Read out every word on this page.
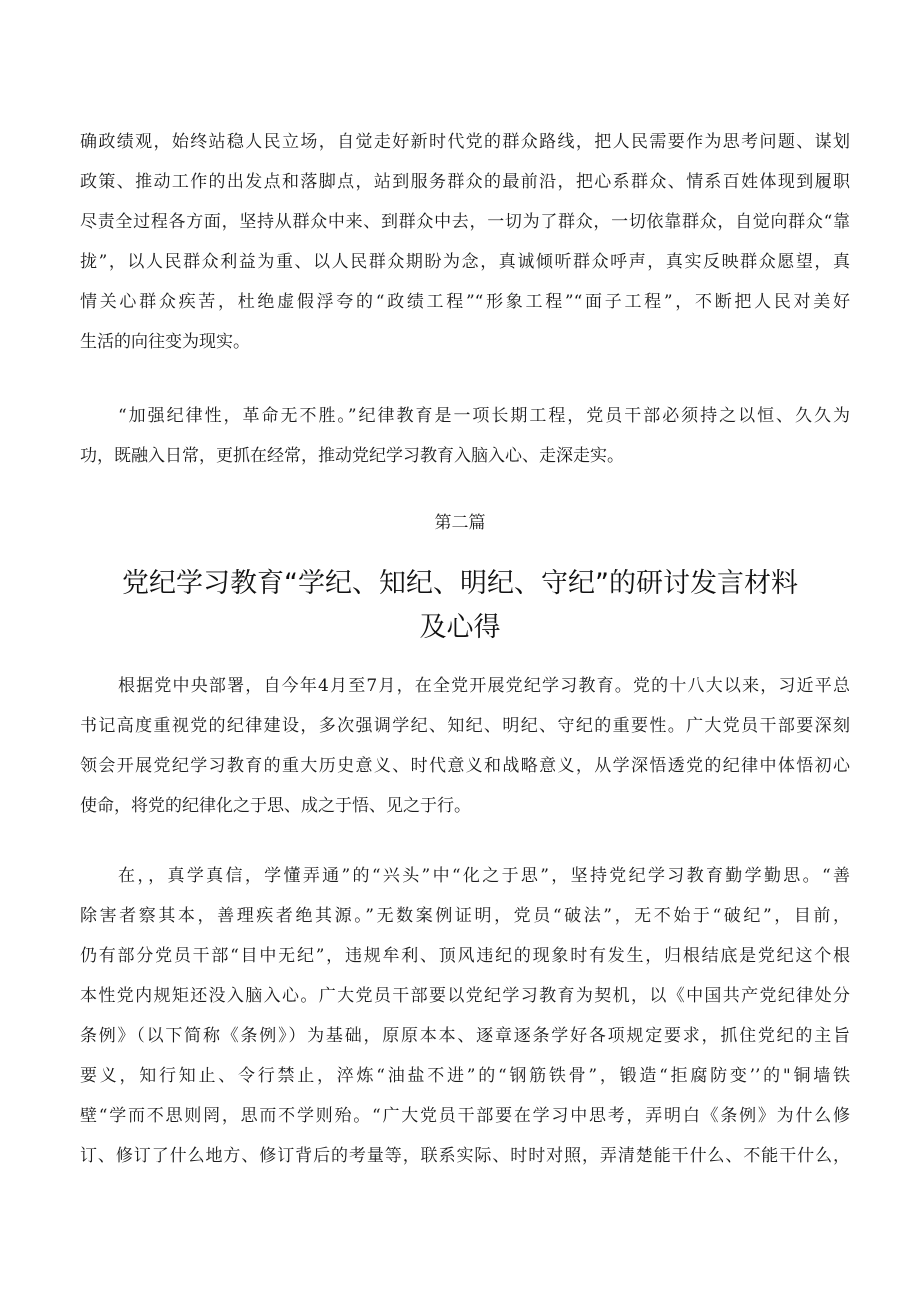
确政绩观，始终站稳人民立场，自觉走好新时代党的群众路线，把人民需要作为思考问题、谋划
政策、推动工作的出发点和落脚点，站到服务群众的最前沿，把心系群众、情系百姓体现到履职
尽责全过程各方面，坚持从群众中来、到群众中去，一切为了群众，一切依靠群众，自觉向群众“靠
拢”，以人民群众利益为重、以人民群众期盼为念，真诚倾听群众呼声，真实反映群众愿望，真
情关心群众疾苦，杜绝虚假浮夸的“政绩工程”“形象工程”“面子工程”，不断把人民对美好
生活的向往变为现实。
“加强纪律性，革命无不胜。”纪律教育是一项长期工程，党员干部必须持之以恒、久久为
功，既融入日常，更抓在经常，推动党纪学习教育入脑入心、走深走实。
第二篇
党纪学习教育“学纪、知纪、明纪、守纪”的研讨发言材料
及心得
根据党中央部署，自今年4月至7月，在全党开展党纪学习教育。党的十八大以来，习近平总
书记高度重视党的纪律建设，多次强调学纪、知纪、明纪、守纪的重要性。广大党员干部要深刻
领会开展党纪学习教育的重大历史意义、时代意义和战略意义，从学深悟透党的纪律中体悟初心
使命，将党的纪律化之于思、成之于悟、见之于行。
在，，真学真信，学懂弄通”的“兴头”中“化之于思”，坚持党纪学习教育勤学勤思。“善
除害者察其本，善理疾者绝其源。”无数案例证明，党员“破法”，无不始于“破纪”，目前，
仍有部分党员干部“目中无纪”，违规牟利、顶风违纪的现象时有发生，归根结底是党纪这个根
本性党内规矩还没入脑入心。广大党员干部要以党纪学习教育为契机，以《中国共产党纪律处分
条例》（以下简称《条例》）为基础，原原本本、逐章逐条学好各项规定要求，抓住党纪的主旨
要义，知行知止、令行禁止，淬炼“油盐不进”的“钢筋铁骨”，锻造“拒腐防变’’的"铜墙铁
壁“学而不思则罔，思而不学则殆。“广大党员干部要在学习中思考，弄明白《条例》为什么修
订、修订了什么地方、修订背后的考量等，联系实际、时时对照，弄清楚能干什么、不能干什么，
